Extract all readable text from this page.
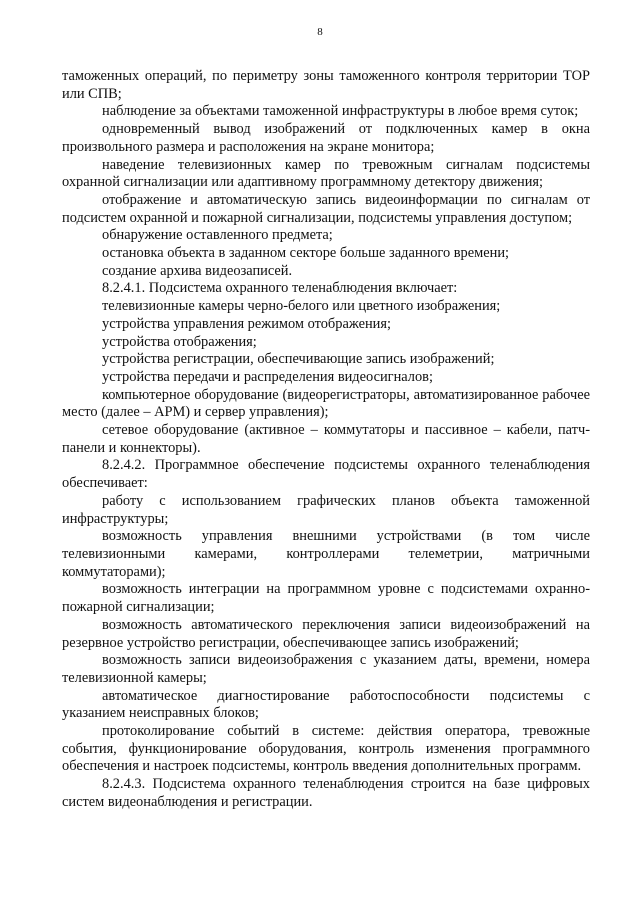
8

таможенных операций, по периметру зоны таможенного контроля территории ТОР или СПВ;

наблюдение за объектами таможенной инфраструктуры в любое время суток;

одновременный вывод изображений от подключенных камер в окна произвольного размера и расположения на экране монитора;

наведение телевизионных камер по тревожным сигналам подсистемы охранной сигнализации или адаптивному программному детектору движения;

отображение и автоматическую запись видеоинформации по сигналам от подсистем охранной и пожарной сигнализации, подсистемы управления доступом;

обнаружение оставленного предмета;

остановка объекта в заданном секторе больше заданного времени;

создание архива видеозаписей.

8.2.4.1. Подсистема охранного теленаблюдения включает:

телевизионные камеры черно-белого или цветного изображения;

устройства управления режимом отображения;

устройства отображения;

устройства регистрации, обеспечивающие запись изображений;

устройства передачи и распределения видеосигналов;

компьютерное оборудование (видеорегистраторы, автоматизированное рабочее место (далее – АРМ) и сервер управления);

сетевое оборудование (активное – коммутаторы и пассивное – кабели, патч-панели и коннекторы).

8.2.4.2. Программное обеспечение подсистемы охранного теленаблюдения обеспечивает:

работу с использованием графических планов объекта таможенной инфраструктуры;

возможность управления внешними устройствами (в том числе телевизионными камерами, контроллерами телеметрии, матричными коммутаторами);

возможность интеграции на программном уровне с подсистемами охранно-пожарной сигнализации;

возможность автоматического переключения записи видеоизображений на резервное устройство регистрации, обеспечивающее запись изображений;

возможность записи видеоизображения с указанием даты, времени, номера телевизионной камеры;

автоматическое диагностирование работоспособности подсистемы с указанием неисправных блоков;

протоколирование событий в системе: действия оператора, тревожные события, функционирование оборудования, контроль изменения программного обеспечения и настроек подсистемы, контроль введения дополнительных программ.

8.2.4.3. Подсистема охранного теленаблюдения строится на базе цифровых систем видеонаблюдения и регистрации.
